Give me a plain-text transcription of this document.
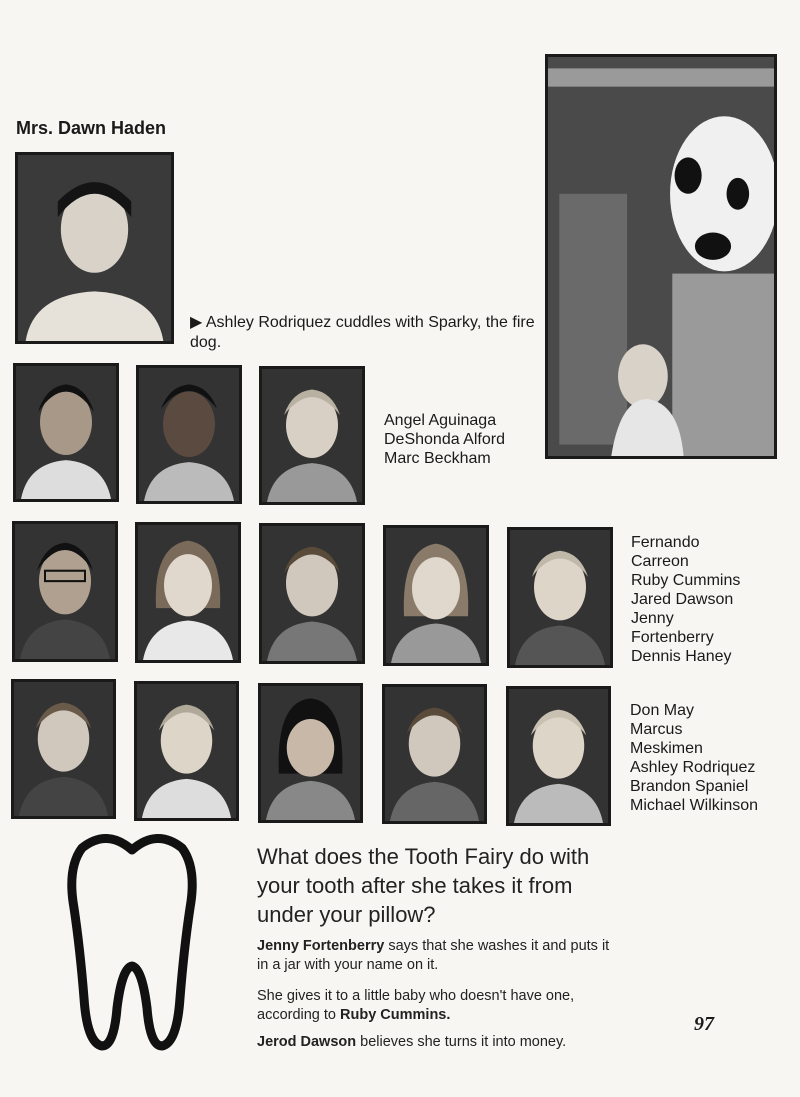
Mrs. Dawn Haden
▶ Ashley Rodriquez cuddles with Sparky, the fire dog.
Angel Aguinaga
DeShonda Alford
Marc Beckham
Fernando
Carreon
Ruby Cummins
Jared Dawson
Jenny
Fortenberry
Dennis Haney
Don May
Marcus
Meskimen
Ashley Rodriquez
Brandon Spaniel
Michael Wilkinson
What does the Tooth Fairy do with your tooth after she takes it from under your pillow?
Jenny Fortenberry says that she washes it and puts it in a jar with your name on it.
She gives it to a little baby who doesn't have one, according to Ruby Cummins.
Jerod Dawson believes she turns it into money.
97
